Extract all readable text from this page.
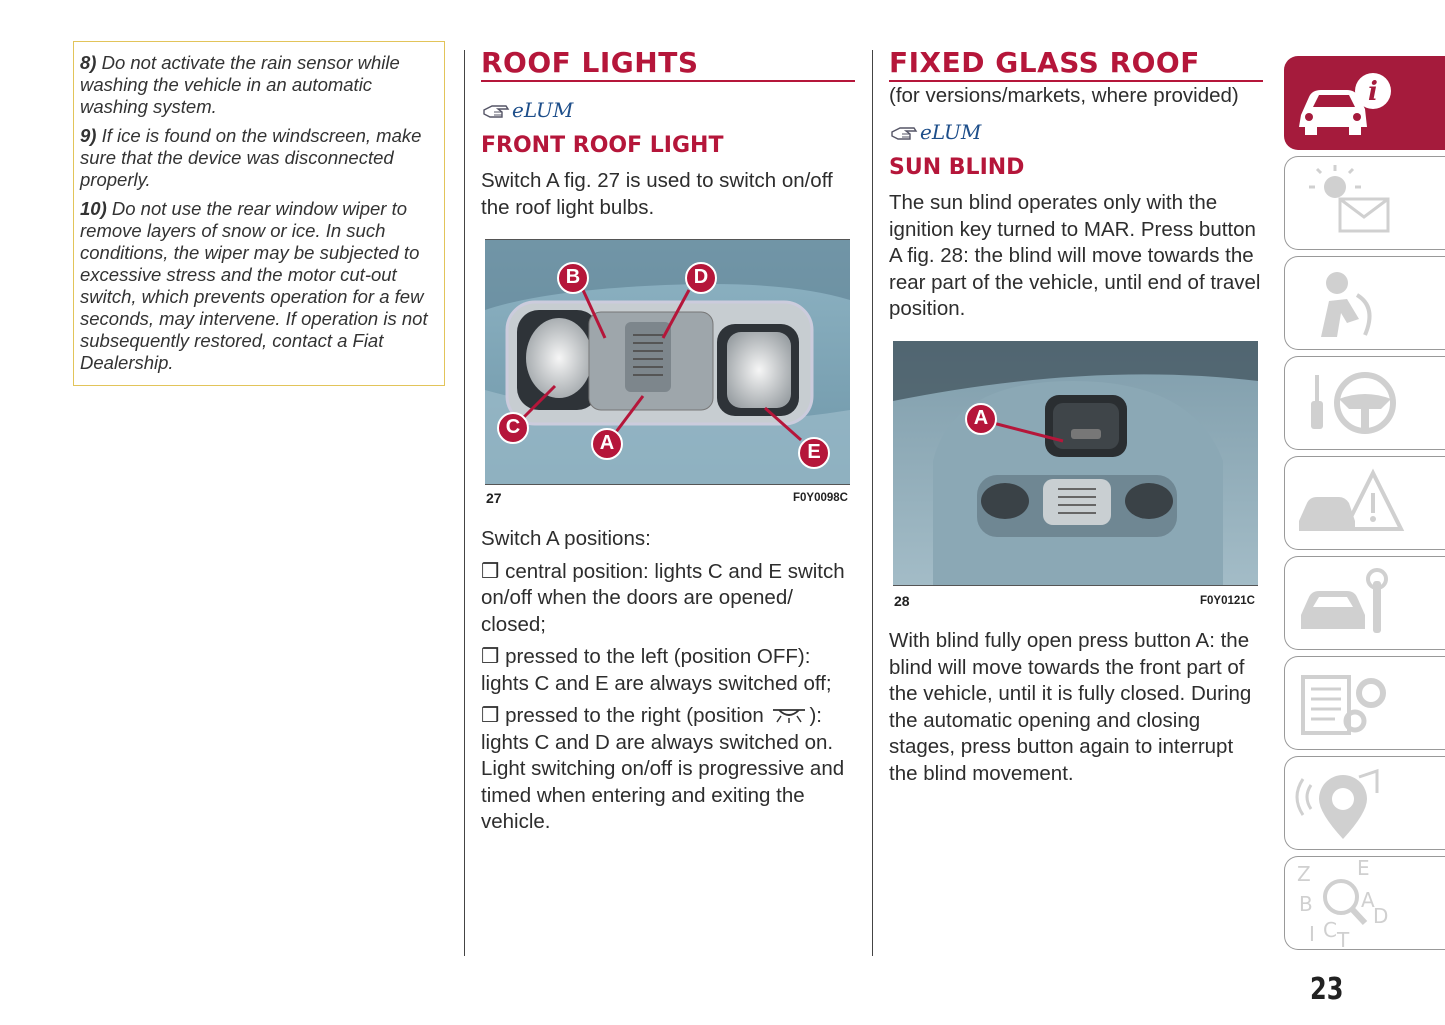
8) Do not activate the rain sensor while washing the vehicle in an automatic washing system.

9) If ice is found on the windscreen, make sure that the device was disconnected properly.

10) Do not use the rear window wiper to remove layers of snow or ice. In such conditions, the wiper may be subjected to excessive stress and the motor cut-out switch, which prevents operation for a few seconds, may intervene. If operation is not subsequently restored, contact a Fiat Dealership.

ROOF LIGHTS
eLUM
FRONT ROOF LIGHT
Switch A fig. 27 is used to switch on/off the roof light bulbs.
B	D
C
A	E
27	F0Y0098C

Switch A positions:

❒ central position: lights C and E switch on/off when the doors are opened/ closed;

❒ pressed to the left (position OFF): lights C and E are always switched off;

❒ pressed to the right (position ): lights C and D are always switched on. Light switching on/off is progressive and timed when entering and exiting the vehicle.

FIXED GLASS ROOF
(for versions/markets, where provided)
eLUM
SUN BLIND
The sun blind operates only with the ignition key turned to MAR. Press button A fig. 28: the blind will move towards the rear part of the vehicle, until end of travel position.
A
28	F0Y0121C
With blind fully open press button A: the blind will move towards the front part of the vehicle, until it is fully closed. During the automatic opening and closing stages, press button again to interrupt the blind movement.
i
Z E
B A
I C T
D
23
